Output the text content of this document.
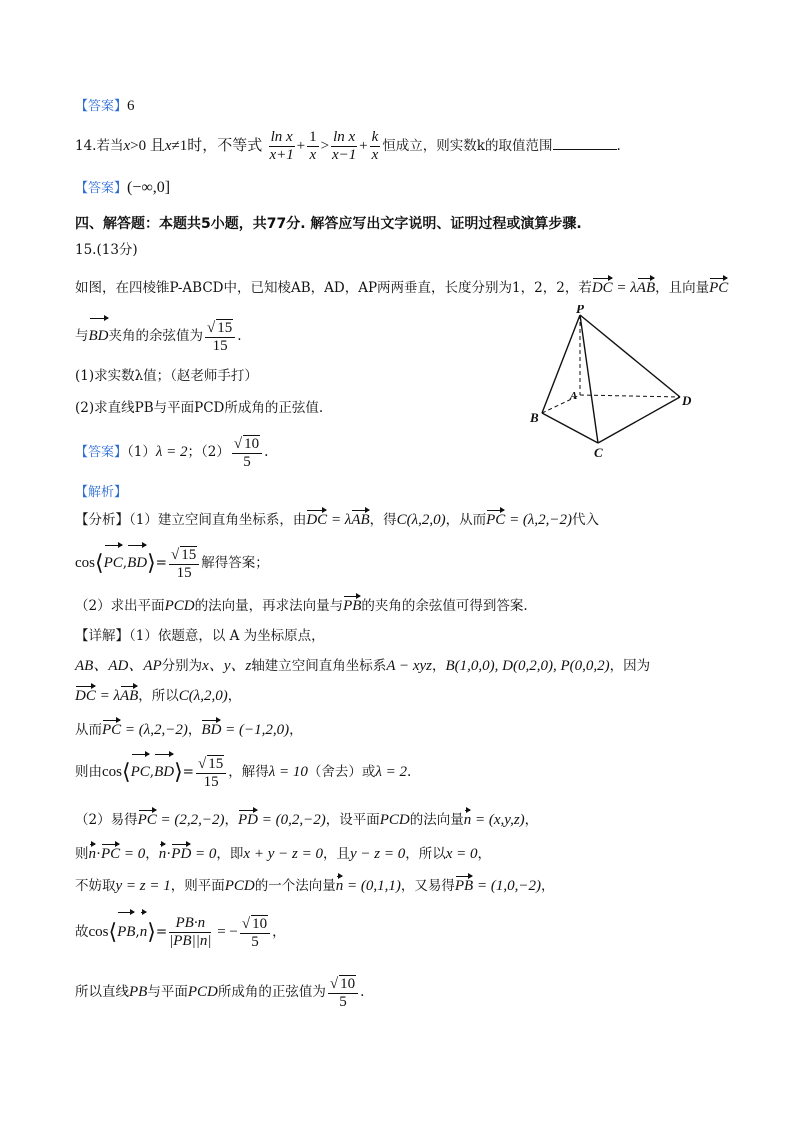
【答案】6
14.若当x>0 且x≠1时，不等式 $\frac{\text{ln x}}{x+1} + \frac{1}{x} > \frac{\text{ln x}}{x-1} + \frac{k}{x}$ 恒成立，则实数k的取值范围	.
【答案】(−∞,0]
四、解答题：本题共5小题，共77分. 解答应写出文字说明、证明过程或演算步骤.
15.(13分)
如图，在四棱锥P-ABCD中，已知棱AB，AD，AP两两垂直，长度分别为1，2，2，若DC = λAB，且向量PC
与BD夹角的余弦值为 $\frac{√ 15}{15}$ .
(1)求实数λ值；（赵老师手打）
(2)求直线PB与平面PCD所成角的正弦值.
P
A
B
C
D
【答案】（1）λ = 2；$(2) \frac{√ 10}{5}$ .
【解析】
【分析】（1）建立空间直角坐标系，由DC = λAB，得C(λ,2,0)，从而PC = (λ,2,−2)代入
cos⟨PC,BD⟩= $\frac{√ 15}{15}$ 解得答案；
（2）求出平面PCD的法向量，再求法向量与PB的夹角的余弦值可得到答案.
【详解】（1）依题意，以 A 为坐标原点，
AB、AD、AP分别为x、y、z轴建立空间直角坐标系A − xyz，B(1,0,0), D(0,2,0), P(0,0,2)，因为
DC = λAB，所以C(λ,2,0)，
从而PC = (λ,2,−2)，BD = (−1,2,0)，
则由cos⟨PC,BD⟩= $\frac{√ 15}{15}$ ，解得λ = 10（舍去）或λ = 2.
（2）易得PC = (2,2,−2)，PD = (0,2,−2)，设平面PCD的法向量n = (x,y,z)，
则n·PC = 0，n·PD = 0，即x + y − z = 0，且y − z = 0，所以x = 0，
不妨取y = z = 1，则平面PCD的一个法向量n = (0,1,1)，又易得PB = (1,0,−2)，
故cos⟨PB,n⟩= $\frac{PB\cdot n}{|PB||n|}$ = − $\frac{√ 10}{5}$ ，
所以直线PB与平面PCD所成角的正弦值为 $\frac{√ 10}{5}$ .
